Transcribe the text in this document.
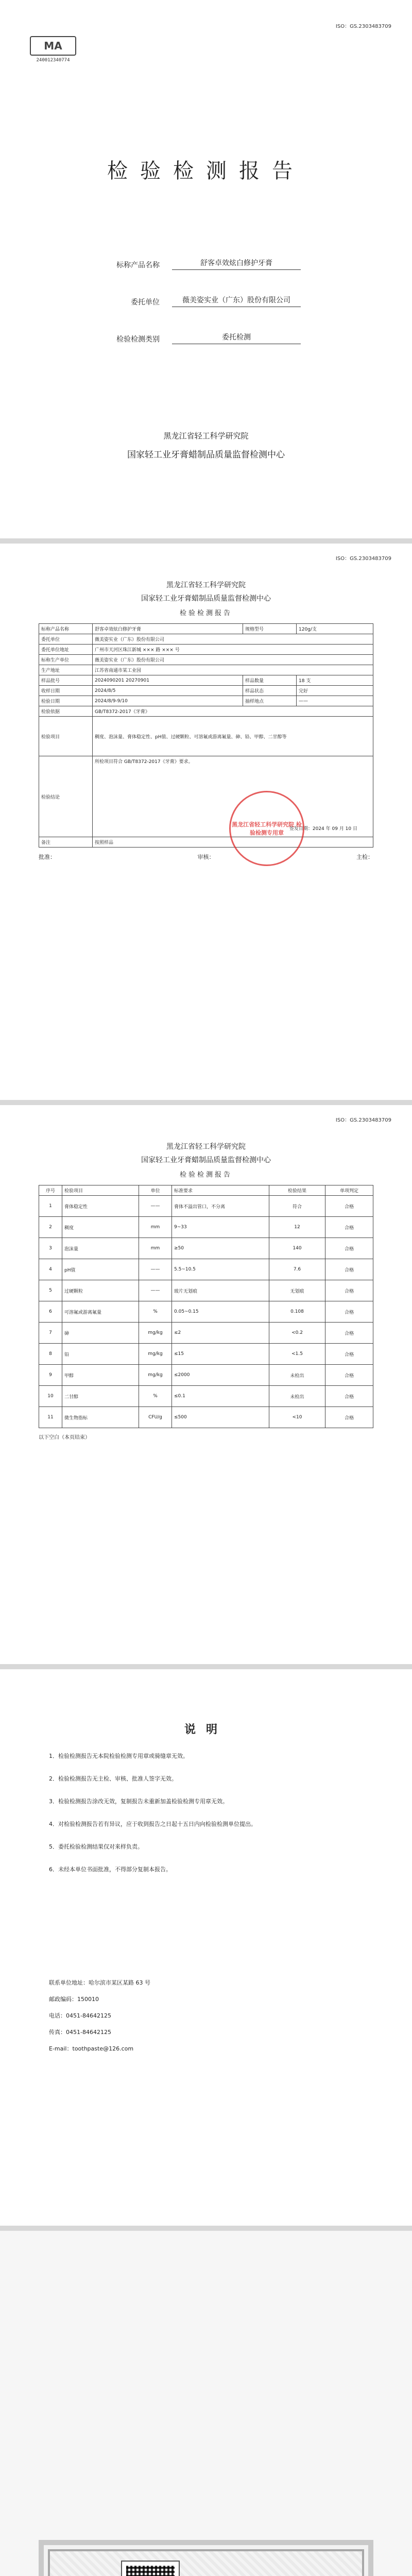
MA
240012340774
ISO：GS.2303483709
检验检测报告
标称产品名称	舒客卓效炫白修护牙膏
委托单位	薇美姿实业（广东）股份有限公司
检验检测类别	委托检测
黑龙江省轻工科学研究院
国家轻工业牙膏蜡制品质量监督检测中心
ISO：GS.2303483709
黑龙江省轻工科学研究院
国家轻工业牙膏蜡制品质量监督检测中心
检验检测报告
标称产品名称	舒客卓效炫白修护牙膏	规格型号	120g/支
委托单位	薇美姿实业（广东）股份有限公司		
委托单位地址	广州市天河区珠江新城 ××× 路 ××× 号		
标称生产单位	薇美姿实业（广东）股份有限公司		
生产地址	江苏省南通市某工业园		
样品批号	2024090201 20270901	样品数量	18 支
收样日期	2024/8/5	样品状态	完好
检验日期	2024/8/9-9/10	抽样地点	——
检验依据	GB/T8372-2017《牙膏》		
检验项目	稠度、泡沫量、膏体稳定性、pH值、过硬颗粒、可溶氟或游离氟量、砷、铅、甲醇、二甘醇等		
检验结论	所检项目符合 GB/T8372-2017《牙膏》要求。
签发日期：2024 年 09 月 10 日		

备注	按照样品		
黑龙江省轻工科学研究院 检验检测专用章
批准：	审核：	主检：
ISO：GS.2303483709
黑龙江省轻工科学研究院
国家轻工业牙膏蜡制品质量监督检测中心
检验检测报告
序号	检验项目	单位	标准要求	检验结果	单项判定
1	膏体稳定性	——	膏体不溢出管口，不分离	符合	合格
2	稠度	mm	9~33	12	合格
3	泡沫量	mm	≥50	140	合格
4	pH值	——	5.5~10.5	7.6	合格
5	过硬颗粒	——	玻片无划痕	无划痕	合格
6	可溶氟或游离氟量	%	0.05~0.15	0.108	合格
7	砷	mg/kg	≤2	<0.2	合格
8	铅	mg/kg	≤15	<1.5	合格
9	甲醇	mg/kg	≤2000	未检出	合格
10	二甘醇	%	≤0.1	未检出	合格
11	微生物指标	CFU/g	≤500	<10	合格
以下空白（本页结束）
说明
1．检验检测报告无本院检验检测专用章或骑缝章无效。
2．检验检测报告无主检、审核、批准人签字无效。
3．检验检测报告涂改无效，复制报告未重新加盖检验检测专用章无效。
4．对检验检测报告若有异议，应于收到报告之日起十五日内向检验检测单位提出。
5．委托检验检测结果仅对来样负责。
6．未经本单位书面批准，不得部分复制本报告。
联系单位地址：哈尔滨市某区某路 63 号
邮政编码：150010
电话：0451-84642125
传真：0451-84642125
E-mail：toothpaste@126.com
